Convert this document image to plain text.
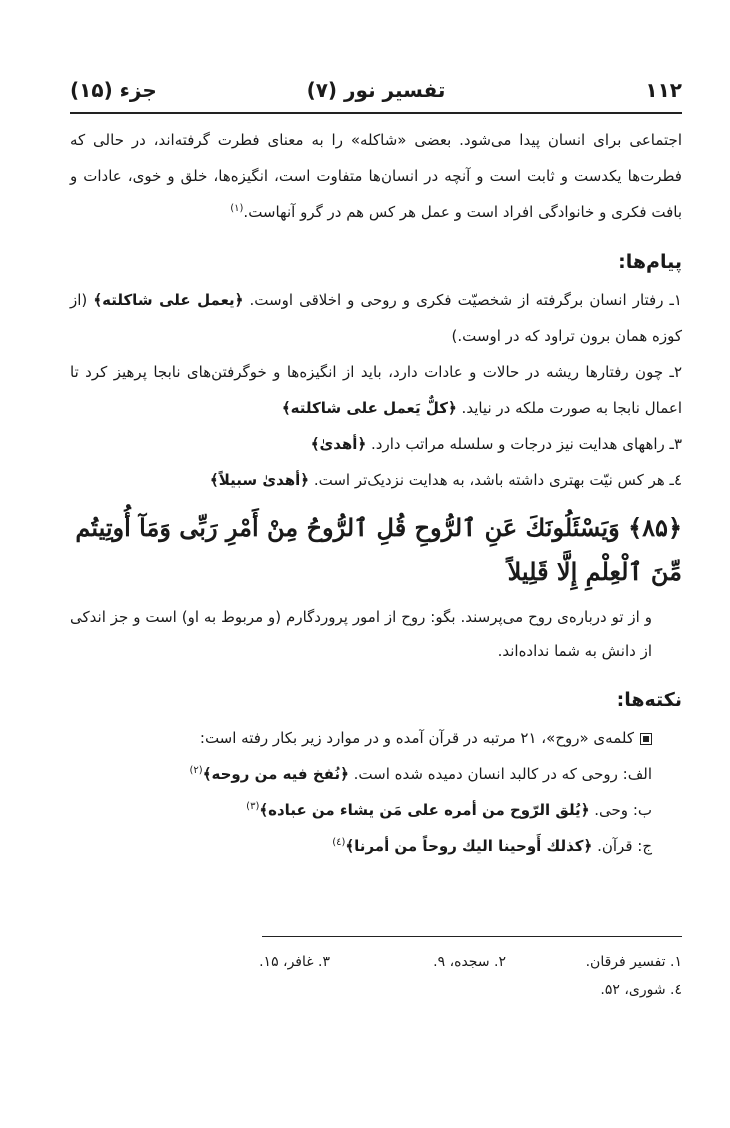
۱۱۲
تفسیر نور (۷)
جزء (۱۵)

اجتماعی برای انسان پیدا می‌شود. بعضی «شاکله» را به معنای فطرت گرفته‌اند، در حالی که فطرت‌ها یکدست و ثابت است و آنچه در انسان‌ها متفاوت است، انگیزه‌ها، خلق و خوی، عادات و بافت فکری و خانوادگی افراد است و عمل هر کس هم در گرو آنهاست.$^{(۱)}$

پیام‌ها:

۱ـ رفتار انسان برگرفته از شخصیّت فکری و روحی و اخلاقی اوست. ﴿یعمل علی شاکلته﴾ (از کوزه همان برون تراود که در اوست.)

۲ـ چون رفتارها ریشه در حالات و عادات دارد، باید از انگیزه‌ها و خوگرفتن‌های نابجا پرهیز کرد تا اعمال نابجا به صورت ملکه در نیاید. ﴿کلٌّ یَعمل علی شاکلته﴾

۳ـ راههای هدایت نیز درجات و سلسله مراتب دارد. ﴿أهدیٰ﴾

٤ـ هر کس نیّت بهتری داشته باشد، به هدایت نزدیک‌تر است. ﴿أهدیٰ سبیلاً﴾

﴿۸۵﴾ وَيَسْئَلُونَكَ عَنِ ٱلرُّوحِ قُلِ ٱلرُّوحُ مِنْ أَمْرِ رَبِّى وَمَآ أُوتِيتُم مِّنَ ٱلْعِلْمِ إِلَّا قَلِيلاً

و از تو درباره‌ی روح می‌پرسند. بگو: روح از امور پروردگارم (و مربوط به او) است و جز اندکی از دانش به شما نداده‌اند.

نکته‌ها:

کلمه‌ی «روح»، ۲۱ مرتبه در قرآن آمده و در موارد زیر بکار رفته است:

الف: روحی که در کالبد انسان دمیده شده است. ﴿نُفخ فیه من روحه﴾$^{(۲)}$

ب: وحی. ﴿یُلق الرّوح من أمره علی مَن یشاء من عباده﴾$^{(۳)}$

ج: قرآن. ﴿کذلك أَوحینا الیك روحاً من أمرنا﴾$^{(٤)}$

۱. تفسیر فرقان.
۲. سجده، ۹.
۳. غافر، ۱۵.
٤. شوری، ۵۲.
